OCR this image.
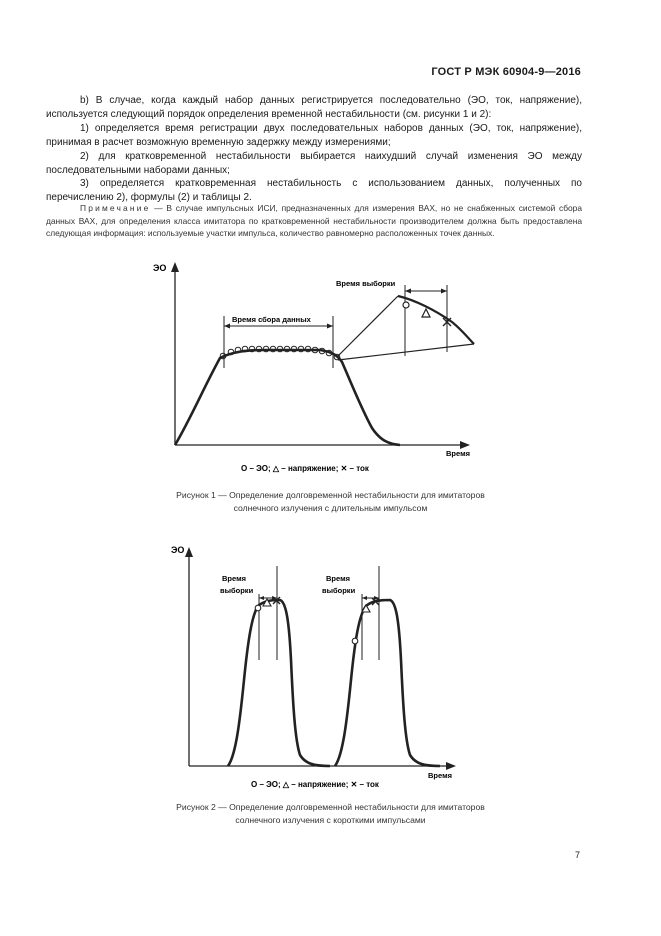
ГОСТ Р МЭК 60904-9—2016

b) В случае, когда каждый набор данных регистрируется последовательно (ЭО, ток, напряжение), используется следующий порядок определения временной нестабильности (см. рисунки 1 и 2):

1) определяется время регистрации двух последовательных наборов данных (ЭО, ток, напряжение), принимая в расчет возможную временную задержку между измерениями;

2) для кратковременной нестабильности выбирается наихудший случай изменения ЭО между последовательными наборами данных;

3) определяется кратковременная нестабильность с использованием данных, полученных по перечислению 2), формулы (2) и таблицы 2.

Примечание — В случае импульсных ИСИ, предназначенных для измерения ВАХ, но не снабженных системой сбора данных ВАХ, для определения класса имитатора по кратковременной нестабильности производителем должна быть предоставлена следующая информация: используемые участки импульса, количество равномерно расположенных точек данных.
ЭО
Время
Время сбора данных
Время выборки
О – ЭО; △ – напряжение; ✕ – ток
Рисунок 1 — Определение долговременной нестабильности для имитаторов
солнечного излучения с длительным импульсом
ЭО
Время
Время
выборки
Время
выборки
О – ЭО; △ – напряжение; ✕ – ток
Рисунок 2 — Определение долговременной нестабильности для имитаторов
солнечного излучения с короткими импульсами
7
